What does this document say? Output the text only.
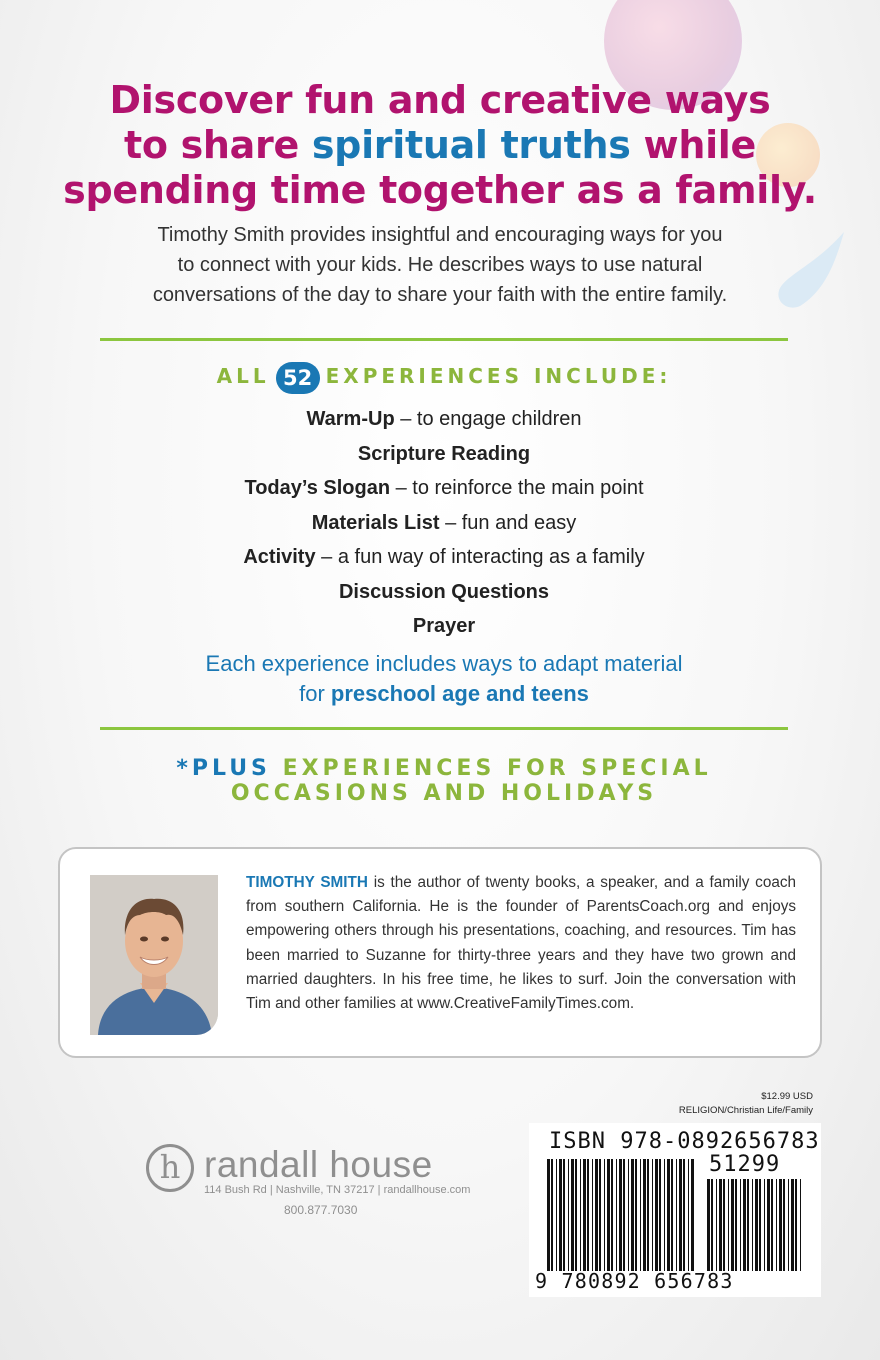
Discover fun and creative ways
to share spiritual truths while
spending time together as a family.
Timothy Smith provides insightful and encouraging ways for you
to connect with your kids. He describes ways to use natural
conversations of the day to share your faith with the entire family.
ALL 52 EXPERIENCES INCLUDE:
Warm-Up – to engage children
Scripture Reading
Today’s Slogan – to reinforce the main point
Materials List – fun and easy
Activity – a fun way of interacting as a family
Discussion Questions
Prayer
Each experience includes ways to adapt material
for preschool age and teens
*PLUS EXPERIENCES FOR SPECIAL
OCCASIONS AND HOLIDAYS
TIMOTHY SMITH is the author of twenty books, a speaker, and a family coach from southern California. He is the founder of ParentsCoach.org and enjoys empowering others through his presentations, coaching, and resources. Tim has been married to Suzanne for thirty-three years and they have two grown and married daughters. In his free time, he likes to surf. Join the conversation with Tim and other families at www.CreativeFamilyTimes.com.
$12.99 USD
RELIGION/Christian Life/Family
h randall house
114 Bush Rd | Nashville, TN 37217 | randallhouse.com
800.877.7030
ISBN 978-0892656783
51299
9 780892 656783
